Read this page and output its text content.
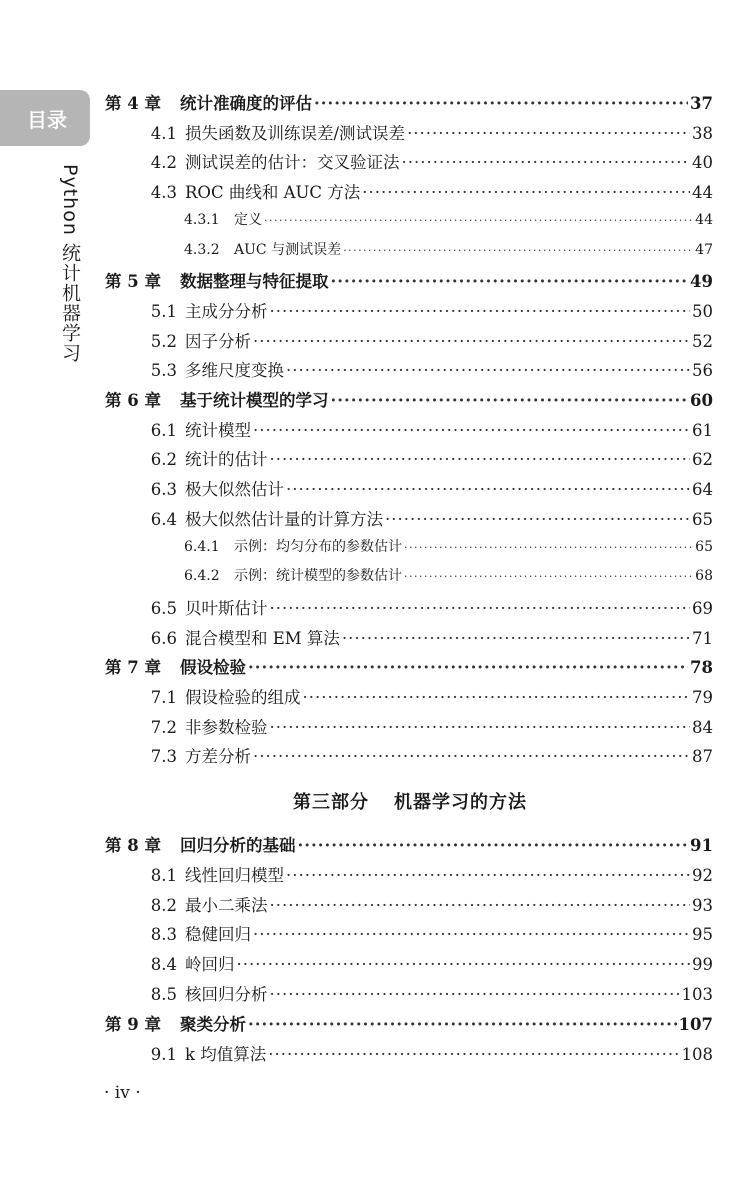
目录
Python 统计机器学习
第 4 章	统计准确度的评估 ·····	37
4.1 损失函数及训练误差/测试误差 ·····	38
4.2 测试误差的估计：交叉验证法 ·····	40
4.3 ROC 曲线和 AUC 方法 ·····	44
4.3.1	定义 ·····	44
4.3.2	AUC 与测试误差 ·····	47
第 5 章	数据整理与特征提取 ·····	49
5.1 主成分分析 ·····	50
5.2 因子分析 ·····	52
5.3 多维尺度变换 ·····	56
第 6 章	基于统计模型的学习 ·····	60
6.1 统计模型 ·····	61
6.2 统计的估计 ·····	62
6.3 极大似然估计 ·····	64
6.4 极大似然估计量的计算方法 ·····	65
6.4.1	示例：均匀分布的参数估计 ·····	65
6.4.2	示例：统计模型的参数估计 ·····	68
6.5 贝叶斯估计 ·····	69
6.6 混合模型和 EM 算法 ·····	71
第 7 章	假设检验 ·····	78
7.1 假设检验的组成 ·····	79
7.2 非参数检验 ·····	84
7.3 方差分析 ·····	87
第 8 章	回归分析的基础 ·····	91
8.1 线性回归模型 ·····	92
8.2 最小二乘法 ·····	93
8.3 稳健回归 ·····	95
8.4 岭回归 ·····	99
8.5 核回归分析 ·····	103
第 9 章	聚类分析 ·····	107
9.1 k 均值算法 ·····	108
第三部分 机器学习的方法
· iv ·
